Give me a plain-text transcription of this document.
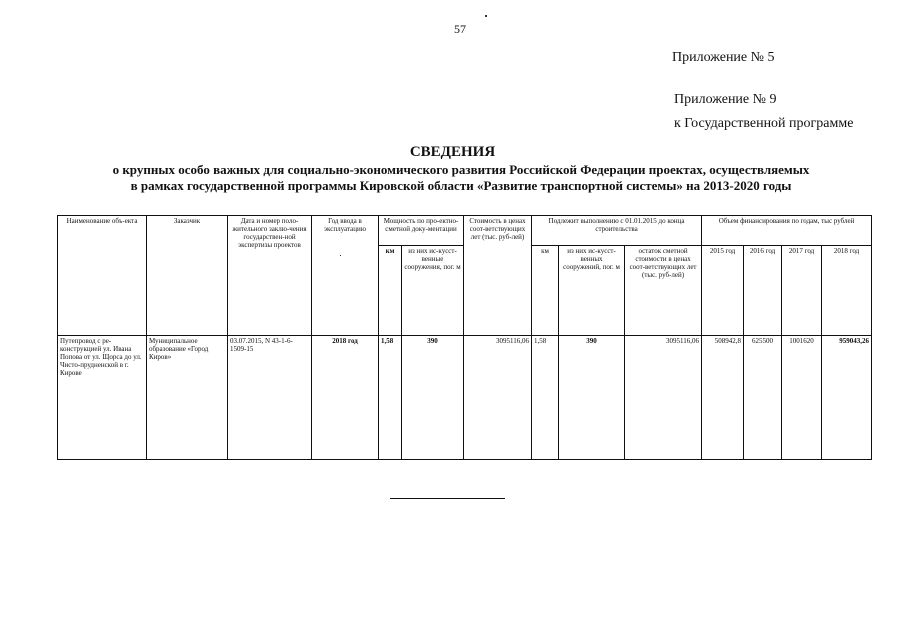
57
Приложение № 5
Приложение № 9
к Государственной программе
СВЕДЕНИЯ
о крупных особо важных для социально-экономического развития Российской Федерации проектах, осуществляемых
в рамках государственной программы Кировской области «Развитие транспортной системы» на 2013-2020 годы
Наименование объ-екта	Заказчик	Дата и номер поло-жительного заклю-чения государствен-ной экспертизы проектов	Год ввода в эксплуатацию	Мощность по про-ектно-сметной доку-ментации		Стоимость в ценах соот-ветствующих лет (тыс. руб-лей)	Подлежит выполнению с 01.01.2015 до конца строительства			Объем финансирования по годам, тыс рублей			
				км	из них ис-кусст-венные сооружения, пог. м		км	из них ис-кусст-венных сооружений, пог. м	остаток сметной стоимости в ценах соот-ветствующих лет (тыс. руб-лей)	2015 год	2016 год	2017 год	2018 год
Путепровод с ре-конструкцией ул. Ивана Попова от ул. Щорса до ул. Чисто-прудненской в г. Кирове	Муниципальное образование «Город Киров»	03.07.2015, N 43-1-6-1509-15	2018 год	1,58	390	3095116,06	1,58	390	3095116,06	508942,8	625500	1001620	959043,26
